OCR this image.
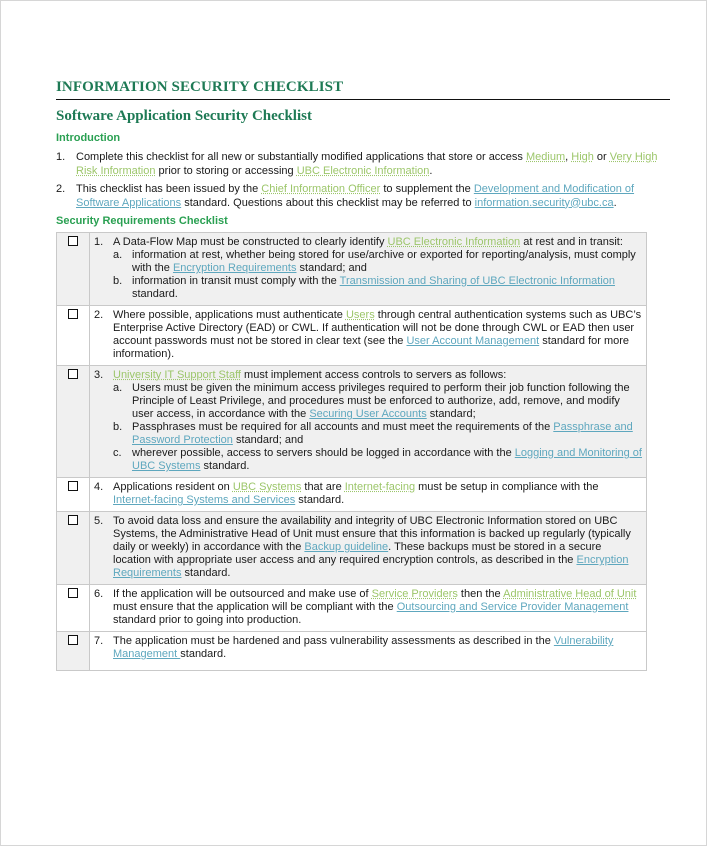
INFORMATION SECURITY CHECKLIST
Software Application Security Checklist
Introduction
1. Complete this checklist for all new or substantially modified applications that store or access Medium, High or Very High Risk Information prior to storing or accessing UBC Electronic Information.
2. This checklist has been issued by the Chief Information Officer to supplement the Development and Modification of Software Applications standard. Questions about this checklist may be referred to information.security@ubc.ca.
Security Requirements Checklist

1. A Data-Flow Map must be constructed to clearly identify UBC Electronic Information at rest and in transit:
a. information at rest, whether being stored for use/archive or exported for reporting/analysis, must comply with the Encryption Requirements standard; and
b. information in transit must comply with the Transmission and Sharing of UBC Electronic Information standard.

	2. Where possible, applications must authenticate Users through central authentication systems such as UBC’s Enterprise Active Directory (EAD) or CWL. If authentication will not be done through CWL or EAD then user account passwords must not be stored in clear text (see the User Account Management standard for more information).

3. University IT Support Staff must implement access controls to servers as follows:
a. Users must be given the minimum access privileges required to perform their job function following the Principle of Least Privilege, and procedures must be enforced to authorize, add, remove, and modify user access, in accordance with the Securing User Accounts standard;
b. Passphrases must be required for all accounts and must meet the requirements of the Passphrase and Password Protection standard; and
c. wherever possible, access to servers should be logged in accordance with the Logging and Monitoring of UBC Systems standard.

	4. Applications resident on UBC Systems that are Internet-facing must be setup in compliance with the Internet-facing Systems and Services standard.

	5. To avoid data loss and ensure the availability and integrity of UBC Electronic Information stored on UBC Systems, the Administrative Head of Unit must ensure that this information is backed up regularly (typically daily or weekly) in accordance with the Backup guideline. These backups must be stored in a secure location with appropriate user access and any required encryption controls, as described in the Encryption Requirements standard.

	6. If the application will be outsourced and make use of Service Providers then the Administrative Head of Unit must ensure that the application will be compliant with the Outsourcing and Service Provider Management standard prior to going into production.

	7. The application must be hardened and pass vulnerability assessments as described in the Vulnerability Management standard.
